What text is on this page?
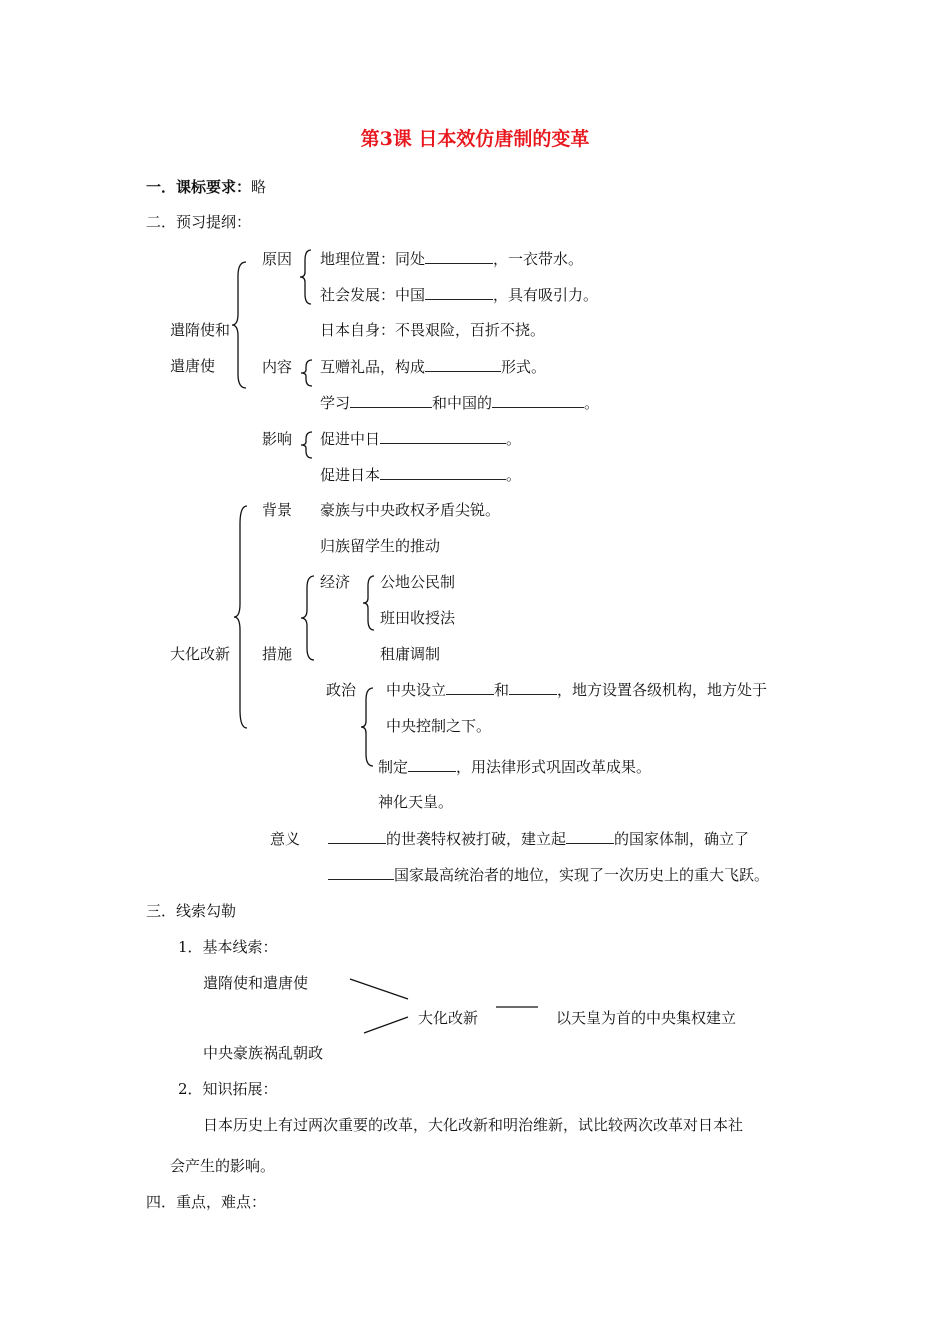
第3课 日本效仿唐制的变革
一．课标要求：略
二．预习提纲：
遣隋使和
遣唐使
原因 地理位置：同处	，一衣带水。
社会发展：中国	，具有吸引力。
日本自身：不畏艰险，百折不挠。
内容 互赠礼品，构成	形式。
学习	和中国的	。
影响 促进中日	。
促进日本	。
大化改新
背景 豪族与中央政权矛盾尖锐。
归族留学生的推动
措施
经济 公地公民制
班田收授法
租庸调制
政治 中央设立	和	，地方设置各级机构，地方处于
中央控制之下。
制定	，用法律形式巩固改革成果。
神化天皇。
意义	的世袭特权被打破，建立起	的国家体制，确立了
国家最高统治者的地位，实现了一次历史上的重大飞跃。
三．线索勾勒
1．基本线索：
遣隋使和遣唐使
中央豪族祸乱朝政
大化改新	以天皇为首的中央集权建立
2．知识拓展：
日本历史上有过两次重要的改革，大化改新和明治维新，试比较两次改革对日本社
会产生的影响。
四．重点，难点：
